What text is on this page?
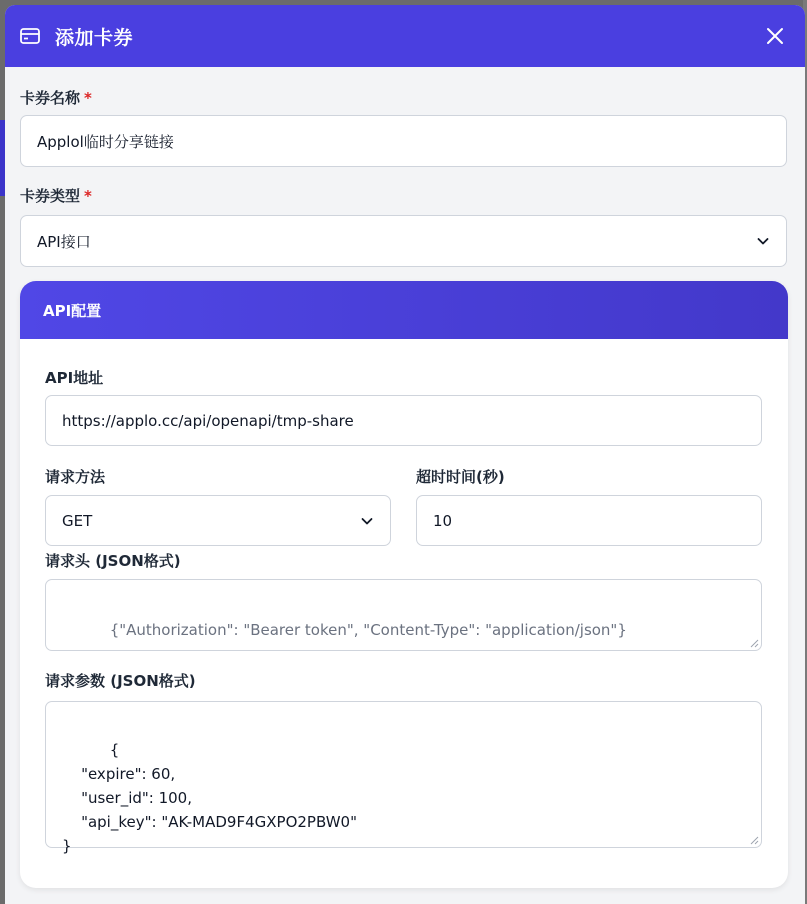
添加卡券
卡券名称 *
Applol临时分享链接
卡券类型 *
API接口
API配置
API地址
https://applo.cc/api/openapi/tmp-share
请求方法
GET
超时时间(秒)
10
请求头 (JSON格式)

{"Authorization": "Bearer token", "Content-Type": "application/json"}

请求参数 (JSON格式)

{
"expire": 60,
"user_id": 100,
"api_key": "AK-MAD9F4GXPO2PBW0"
}
